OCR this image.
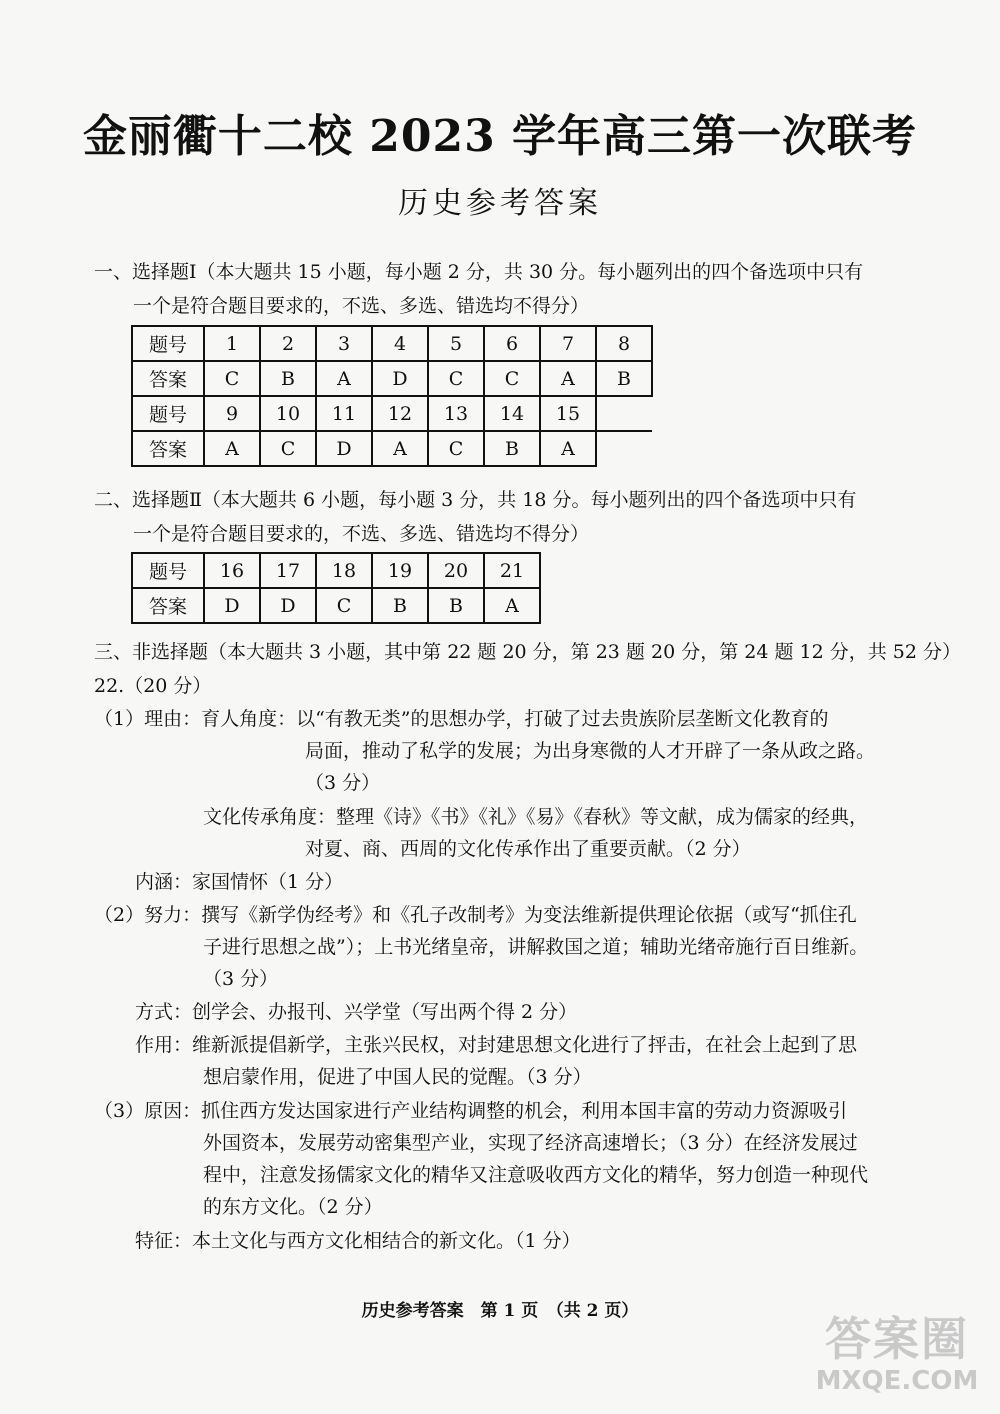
金丽衢十二校 2023 学年高三第一次联考
历史参考答案
一、选择题Ⅰ（本大题共 15 小题，每小题 2 分，共 30 分。每小题列出的四个备选项中只有
一个是符合题目要求的，不选、多选、错选均不得分）
题号	1	2	3	4	5	6	7	8
答案	C	B	A	D	C	C	A	B
题号	9	10	11	12	13	14	15	
答案	A	C	D	A	C	B	A	
二、选择题Ⅱ（本大题共 6 小题，每小题 3 分，共 18 分。每小题列出的四个备选项中只有
一个是符合题目要求的，不选、多选、错选均不得分）
题号	16	17	18	19	20	21
答案	D	D	C	B	B	A
三、非选择题（本大题共 3 小题，其中第 22 题 20 分，第 23 题 20 分，第 24 题 12 分，共 52 分）
22.（20 分）
（1）理由：育人角度：以“有教无类”的思想办学，打破了过去贵族阶层垄断文化教育的
局面，推动了私学的发展；为出身寒微的人才开辟了一条从政之路。
（3 分）
文化传承角度：整理《诗》《书》《礼》《易》《春秋》等文献，成为儒家的经典，
对夏、商、西周的文化传承作出了重要贡献。（2 分）
内涵：家国情怀（1 分）
（2）努力：撰写《新学伪经考》和《孔子改制考》为变法维新提供理论依据（或写“抓住孔
子进行思想之战”）；上书光绪皇帝，讲解救国之道；辅助光绪帝施行百日维新。
（3 分）
方式：创学会、办报刊、兴学堂（写出两个得 2 分）
作用：维新派提倡新学，主张兴民权，对封建思想文化进行了抨击，在社会上起到了思
想启蒙作用，促进了中国人民的觉醒。（3 分）
（3）原因：抓住西方发达国家进行产业结构调整的机会，利用本国丰富的劳动力资源吸引
外国资本，发展劳动密集型产业，实现了经济高速增长；（3 分）在经济发展过
程中，注意发扬儒家文化的精华又注意吸收西方文化的精华，努力创造一种现代
的东方文化。（2 分）
特征：本土文化与西方文化相结合的新文化。（1 分）
历史参考答案　第 1 页　（共 2 页）
答案圈
MXQE.COM
